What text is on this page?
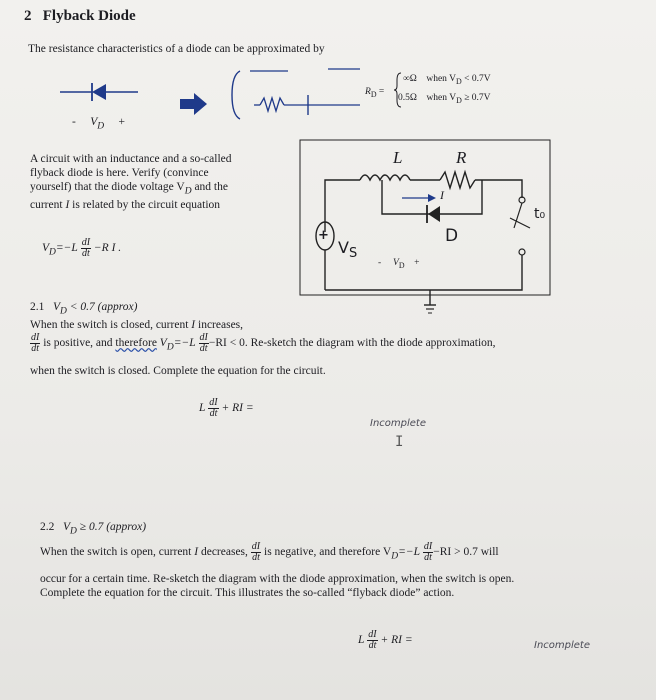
2 Flyback Diode
The resistance characteristics of a diode can be approximated by
- $V_D$ +
$R_D$ =
∞Ω when $V_D < 0.7V$
0.5Ω when $V_D \ge 0.7V$
A circuit with an inductance and a so-called
flyback diode is here. Verify (convince
yourself) that the diode voltage $V_D$ and the
current I is related by the circuit equation
$V_D=-L \frac{dI}{dt} -R$ I .
+
L	R
I
D
$V_S$
- $V_D$ +
t₀
2.1 $V_D < 0.7$ (approx)
When the switch is closed, current I increases,
$\frac{dI}{dt}$ is positive, and therefore $V_D=-L \frac{dI}{dt} -RI < 0$. Re-sketch the diagram with the diode approximation,
when the switch is closed. Complete the equation for the circuit.
L $\frac{dI}{dt}$ + RI =
Incomplete
I
2.2 $V_D \ge 0.7$ (approx)
When the switch is open, current I decreases, $\frac{dI}{dt}$ is negative, and therefore $V_D=-L \frac{dI}{dt} -RI > 0.7$ will
occur for a certain time. Re-sketch the diagram with the diode approximation, when the switch is open.
Complete the equation for the circuit. This illustrates the so-called “flyback diode” action.
L $\frac{dI}{dt}$ + RI =	Incomplete
